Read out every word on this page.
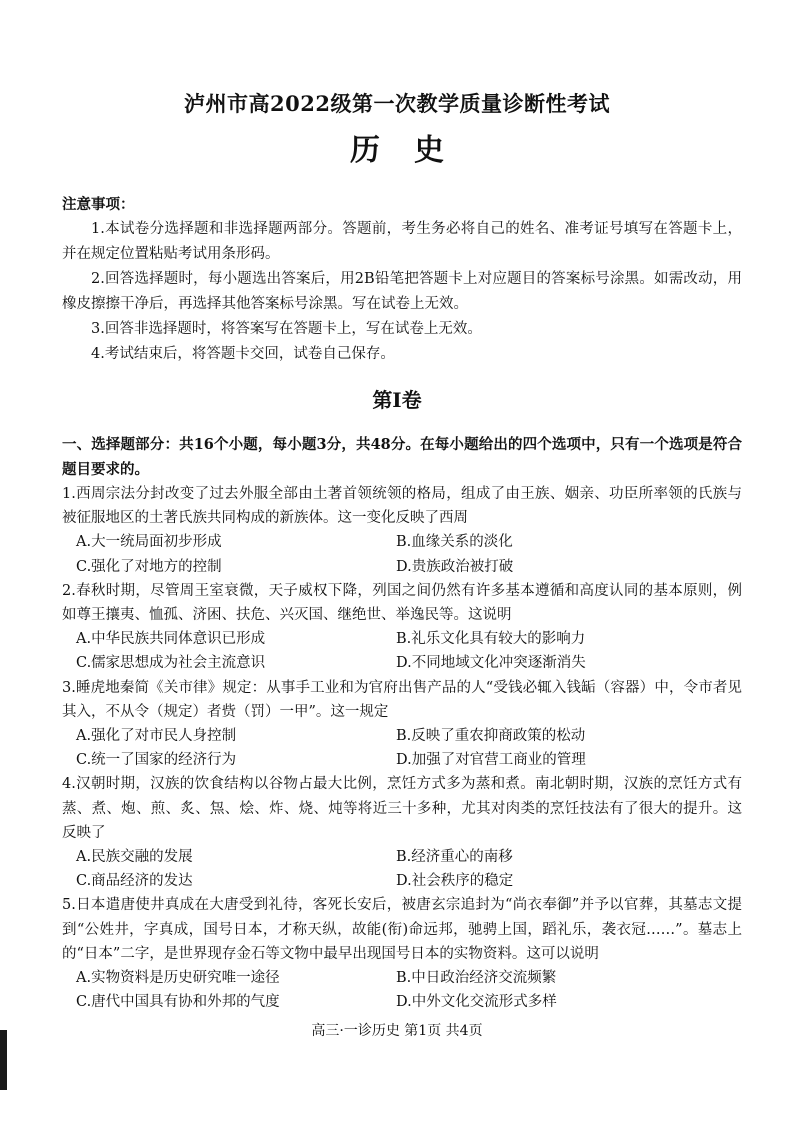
泸州市高2022级第一次教学质量诊断性考试
历史
注意事项：

1.本试卷分选择题和非选择题两部分。答题前，考生务必将自己的姓名、准考证号填写在答题卡上，并在规定位置粘贴考试用条形码。

2.回答选择题时，每小题选出答案后，用2B铅笔把答题卡上对应题目的答案标号涂黑。如需改动，用橡皮擦擦干净后，再选择其他答案标号涂黑。写在试卷上无效。

3.回答非选择题时，将答案写在答题卡上，写在试卷上无效。

4.考试结束后，将答题卡交回，试卷自己保存。

第Ⅰ卷
一、选择题部分：共16个小题，每小题3分，共48分。在每小题给出的四个选项中，只有一个选项是符合题目要求的。

1.西周宗法分封改变了过去外服全部由土著首领统领的格局，组成了由王族、姻亲、功臣所率领的氏族与被征服地区的土著氏族共同构成的新族体。这一变化反映了西周

A.大一统局面初步形成	B.血缘关系的淡化
C.强化了对地方的控制	D.贵族政治被打破

2.春秋时期，尽管周王室衰微，天子威权下降，列国之间仍然有许多基本遵循和高度认同的基本原则，例如尊王攘夷、恤孤、济困、扶危、兴灭国、继绝世、举逸民等。这说明

A.中华民族共同体意识已形成	B.礼乐文化具有较大的影响力
C.儒家思想成为社会主流意识	D.不同地域文化冲突逐渐消失

3.睡虎地秦简《关市律》规定：从事手工业和为官府出售产品的人“受钱必辄入钱缿（容器）中，令市者见其入，不从令（规定）者赀（罚）一甲”。这一规定

A.强化了对市民人身控制	B.反映了重农抑商政策的松动
C.统一了国家的经济行为	D.加强了对官营工商业的管理

4.汉朝时期，汉族的饮食结构以谷物占最大比例，烹饪方式多为蒸和煮。南北朝时期，汉族的烹饪方式有蒸、煮、炮、煎、炙、炰、烩、炸、烧、炖等将近三十多种，尤其对肉类的烹饪技法有了很大的提升。这反映了

A.民族交融的发展	B.经济重心的南移
C.商品经济的发达	D.社会秩序的稳定

5.日本遣唐使井真成在大唐受到礼待，客死长安后，被唐玄宗追封为“尚衣奉御”并予以官葬，其墓志文提到“公姓井，字真成，国号日本，才称天纵，故能(衔)命远邦，驰骋上国，蹈礼乐，袭衣冠……”。墓志上的“日本”二字，是世界现存金石等文物中最早出现国号日本的实物资料。这可以说明

A.实物资料是历史研究唯一途径	B.中日政治经济交流频繁
C.唐代中国具有协和外邦的气度	D.中外文化交流形式多样
高三·一诊历史 第1页 共4页
